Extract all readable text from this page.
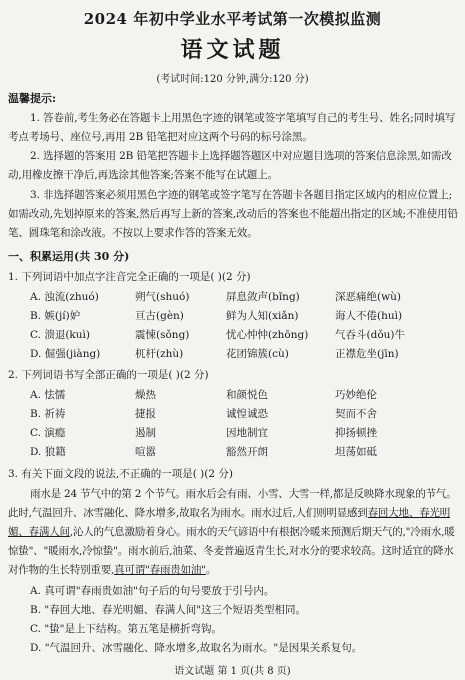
2024 年初中学业水平考试第一次模拟监测
语文试题
(考试时间:120 分钟,满分:120 分)
温馨提示:
1. 答卷前,考生务必在答题卡上用黑色字迹的钢笔或签字笔填写自己的考生号、姓名;同时填写考点考场号、座位号,再用 2B 铅笔把对应这两个号码的标号涂黑。
2. 选择题的答案用 2B 铅笔把答题卡上选择题答题区中对应题目选项的答案信息涂黑,如需改动,用橡皮擦干净后,再选涂其他答案;答案不能写在试题上。
3. 非选择题答案必须用黑色字迹的钢笔或签字笔写在答题卡各题目指定区域内的相应位置上;如需改动,先划掉原来的答案,然后再写上新的答案,改动后的答案也不能超出指定的区域;不准使用铅笔、圆珠笔和涂改液。不按以上要求作答的答案无效。
一、积累运用(共 30 分)
1. 下列词语中加点字注音完全正确的一项是( )(2 分)
A. 浊流(zhuó)	朔气(shuó)	屏息敛声(bǐng)	深恶痛绝(wù)
B. 嫉(jí)妒	亘古(gèn)	鲜为人知(xiǎn)	诲人不倦(huì)
C. 溃退(kuì)	震悚(sǒng)	忧心忡忡(zhōng)	气吞斗(dǒu)牛
D. 倔强(jiàng)	杌杆(zhù)	花团锦簇(cù)	正襟危坐(jīn)
2. 下列词语书写全部正确的一项是( )(2 分)
A. 怯懦	燥热	和颜悦色	巧妙绝伦
B. 祈祷	捷报	诚惶诚恐	契而不舍
C. 演瘾	遏制	因地制宜	抑扬顿挫
D. 狼籍	喧嚣	豁然开朗	坦荡如砥
3. 有关下面文段的说法,不正确的一项是( )(2 分)
雨水是 24 节气中的第 2 个节气。雨水后会有雨、小雪、大雪一样,都是反映降水现象的节气。此时,气温回升、冰雪融化、降水增多,故取名为雨水。雨水过后,人们则明显感到春回大地、春光明媚、春满人间,沁人的气息激励着身心。雨水的天气谚语中有根据冷暖来预测后期天气的,"冷雨水,暖惊蛰"、"暖雨水,冷惊蛰"。雨水前后,油菜、冬麦普遍返青生长,对水分的要求较高。这时适宜的降水对作物的生长特别重要,真可谓"春雨贵如油"。
A. 真可谓"春雨贵如油"句子后的句号要放于引号内。
B. "春回大地、春光明媚、春满人间"这三个短语类型相同。
C. "蛰"是上下结构。第五笔是横折弯钩。
D. "气温回升、冰雪融化、降水增多,故取名为雨水。"是因果关系复句。
语文试题 第 1 页(共 8 页)
